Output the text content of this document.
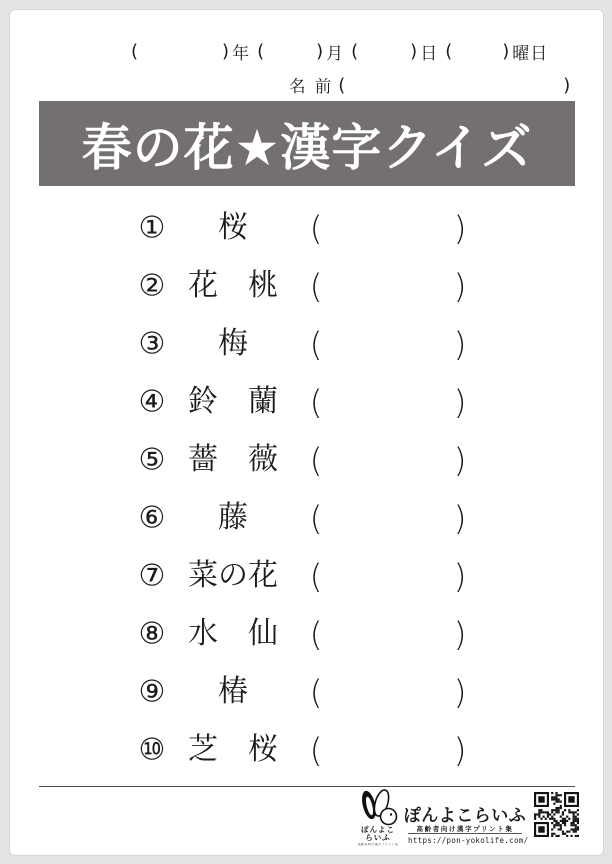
(	) 年 (	) 月 (	) 日 (	) 曜日
名 前 (	)
春の花★漢字クイズ
① 桜 (	)
② 花 桃 (	)
③ 梅 (	)
④ 鈴 蘭 (	)
⑤ 薔 薇 (	)
⑥ 藤 (	)
⑦ 菜 の 花 (	)
⑧ 水 仙 (	)
⑨ 椿 (	)
⑩ 芝 桜 (	)
ぽんよこ
らいふ
高齢者向け漢字プリント集
ぽんよこらいふ
高齢者向け漢字プリント集
https://pon-yokolife.com/
